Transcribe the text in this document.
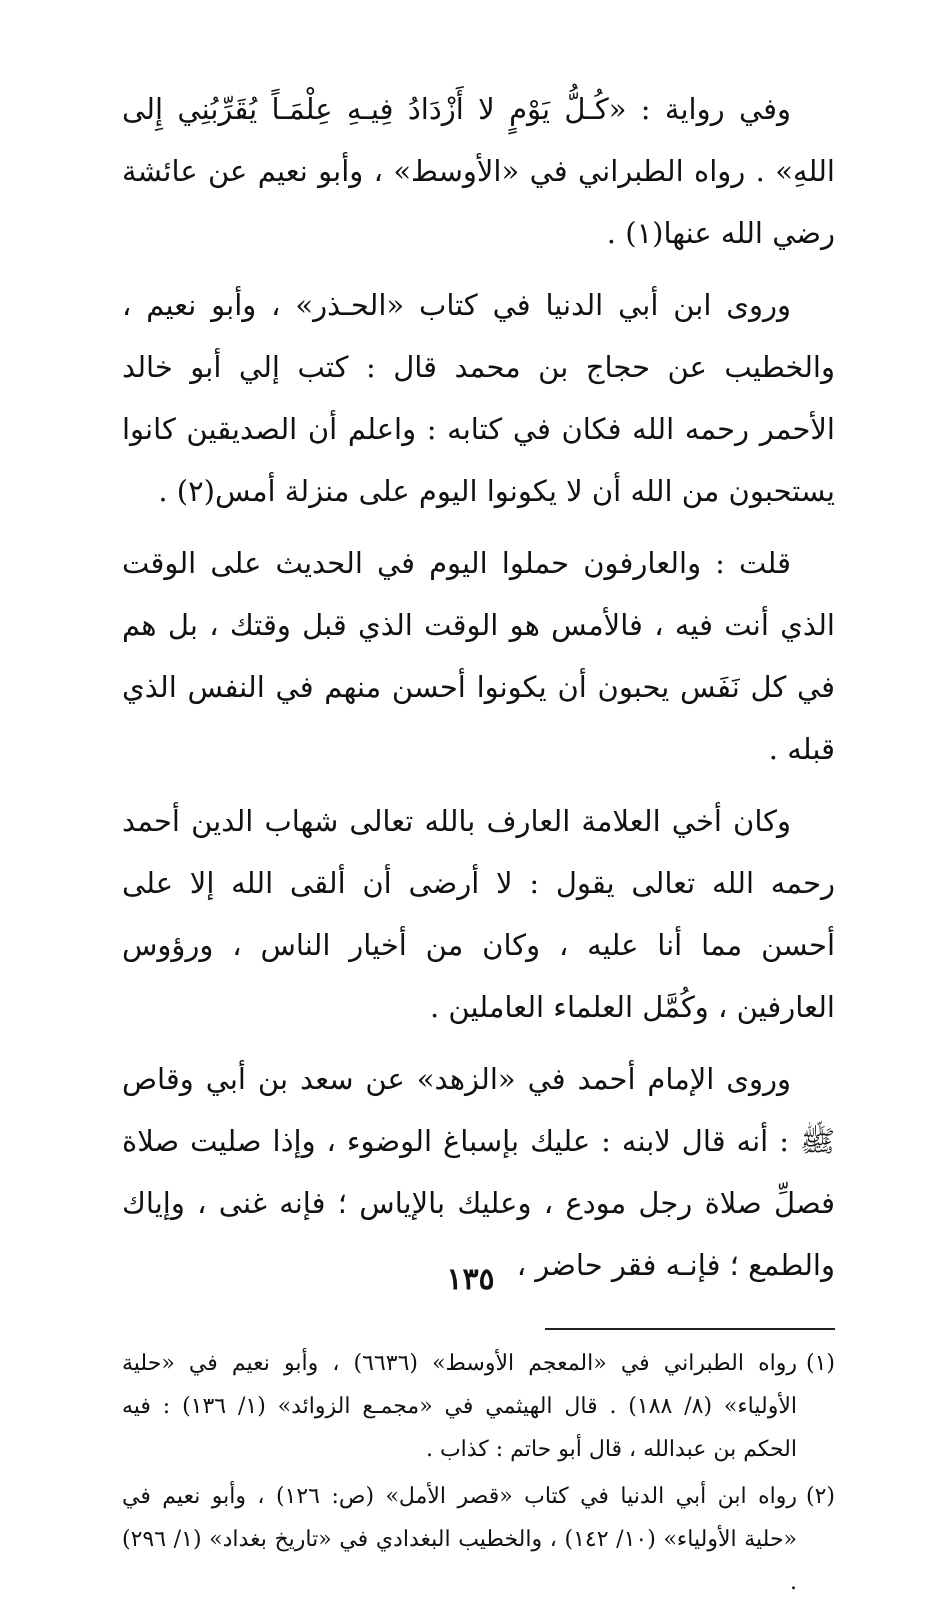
وفي رواية : «كُـلُّ يَوْمٍ لا أَزْدَادُ فِيـهِ عِلْمَـاً يُقَرِّبُنِي إِلى اللهِ» . رواه الطبراني في «الأوسط» ، وأبو نعيم عن عائشة رضي الله عنها(١) .

وروى ابن أبي الدنيا في كتاب «الحـذر» ، وأبو نعيم ، والخطيب عن حجاج بن محمد قال : كتب إلي أبو خالد الأحمر رحمه الله فكان في كتابه : واعلم أن الصديقين كانوا يستحبون من الله أن لا يكونوا اليوم على منزلة أمس(٢) .

قلت : والعارفون حملوا اليوم في الحديث على الوقت الذي أنت فيه ، فالأمس هو الوقت الذي قبل وقتك ، بل هم في كل نَفَس يحبون أن يكونوا أحسن منهم في النفس الذي قبله .

وكان أخي العلامة العارف بالله تعالى شهاب الدين أحمد رحمه الله تعالى يقول : لا أرضى أن ألقى الله إلا على أحسن مما أنا عليه ، وكان من أخيار الناس ، ورؤوس العارفين ، وكُمَّل العلماء العاملين .

وروى الإمام أحمد في «الزهد» عن سعد بن أبي وقاص ﷺ : أنه قال لابنه : عليك بإسباغ الوضوء ، وإذا صليت صلاة فصلِّ صلاة رجل مودع ، وعليك بالإياس ؛ فإنه غنى ، وإياك والطمع ؛ فإنـه فقر حاضر ،

(١)
رواه الطبراني في «المعجم الأوسط» (٦٦٣٦) ، وأبو نعيم في «حلية الأولياء» (٨/ ١٨٨) . قال الهيثمي في «مجمـع الزوائد» (١/ ١٣٦) : فيه الحكم بن عبدالله ، قال أبو حاتم : كذاب .

(٢)
رواه ابن أبي الدنيا في كتاب «قصر الأمل» (ص: ١٢٦) ، وأبو نعيم في «حلية الأولياء» (١٠/ ١٤٢) ، والخطيب البغدادي في «تاريخ بغداد» (١/ ٢٩٦) .

١٣٥
